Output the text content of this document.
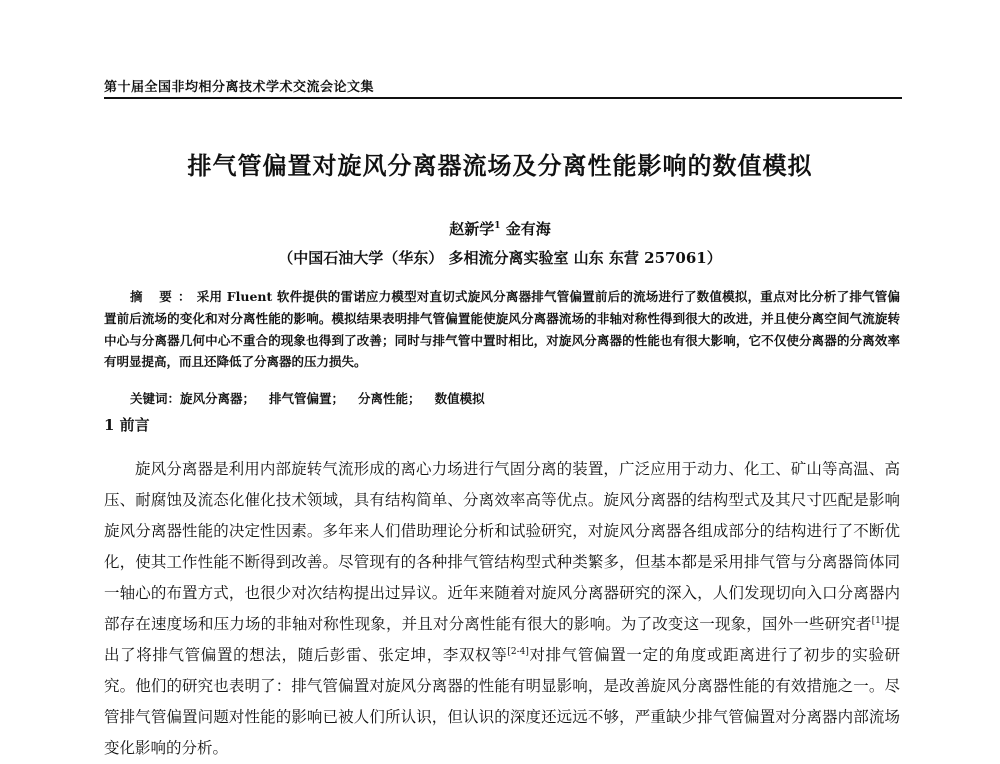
第十届全国非均相分离技术学术交流会论文集
排气管偏置对旋风分离器流场及分离性能影响的数值模拟
赵新学$^1$ 金有海
（中国石油大学（华东） 多相流分离实验室 山东 东营 257061）

摘 要：采用 Fluent 软件提供的雷诺应力模型对直切式旋风分离器排气管偏置前后的流场进行了数值模拟，重点对比分析了排气管偏置前后流场的变化和对分离性能的影响。模拟结果表明排气管偏置能使旋风分离器流场的非轴对称性得到很大的改进，并且使分离空间气流旋转中心与分离器几何中心不重合的现象也得到了改善；同时与排气管中置时相比，对旋风分离器的性能也有很大影响，它不仅使分离器的分离效率有明显提高，而且还降低了分离器的压力损失。

关键词：旋风分离器； 排气管偏置； 分离性能； 数值模拟
1 前言

旋风分离器是利用内部旋转气流形成的离心力场进行气固分离的装置，广泛应用于动力、化工、矿山等高温、高压、耐腐蚀及流态化催化技术领域，具有结构简单、分离效率高等优点。旋风分离器的结构型式及其尺寸匹配是影响旋风分离器性能的决定性因素。多年来人们借助理论分析和试验研究，对旋风分离器各组成部分的结构进行了不断优化，使其工作性能不断得到改善。尽管现有的各种排气管结构型式种类繁多，但基本都是采用排气管与分离器筒体同一轴心的布置方式，也很少对次结构提出过异议。近年来随着对旋风分离器研究的深入，人们发现切向入口分离器内部存在速度场和压力场的非轴对称性现象，并且对分离性能有很大的影响。为了改变这一现象，国外一些研究者[1]提出了将排气管偏置的想法，随后彭雷、张定坤，李双权等[2-4]对排气管偏置一定的角度或距离进行了初步的实验研究。他们的研究也表明了：排气管偏置对旋风分离器的性能有明显影响，是改善旋风分离器性能的有效措施之一。尽管排气管偏置问题对性能的影响已被人们所认识，但认识的深度还远远不够，严重缺少排气管偏置对分离器内部流场变化影响的分析。
